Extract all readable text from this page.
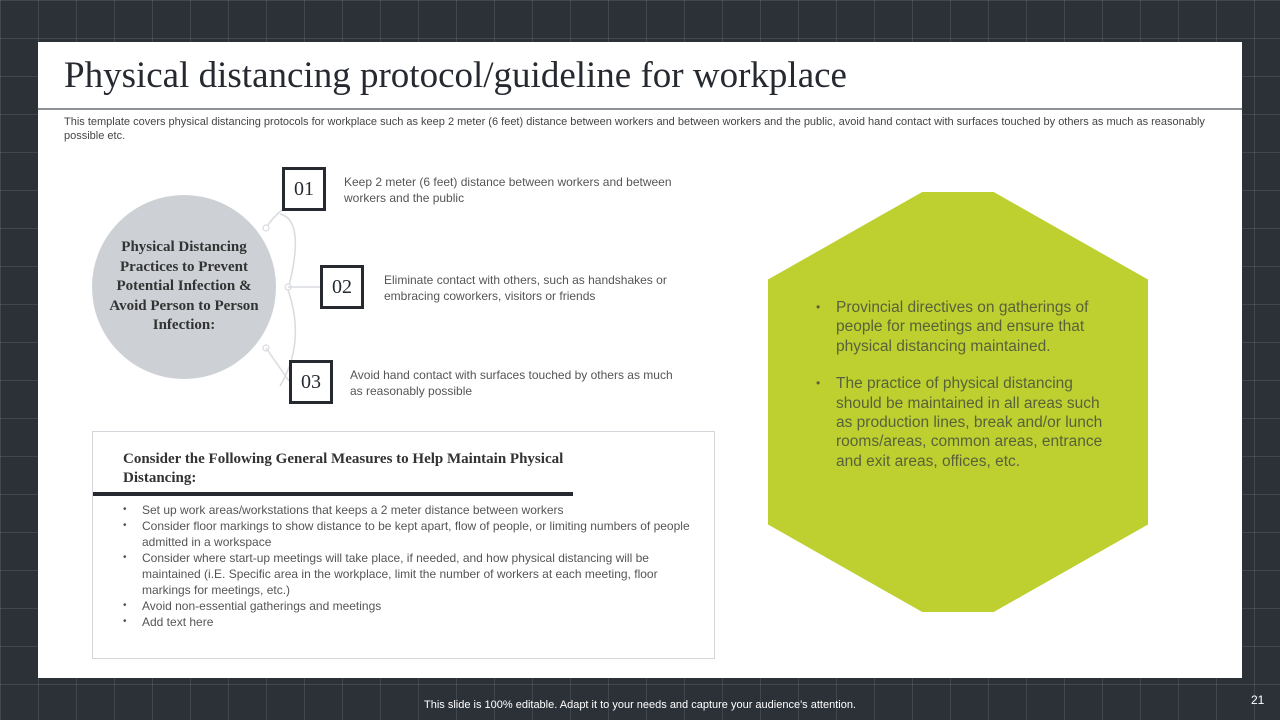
Physical distancing protocol/guideline for workplace
This template covers physical distancing protocols for workplace such as keep 2 meter (6 feet) distance between workers and between workers and the public, avoid hand contact with surfaces touched by others as much as reasonably possible etc.
Physical Distancing Practices to Prevent Potential Infection & Avoid Person to Person Infection:
01	Keep 2 meter (6 feet) distance between workers and between workers and the public
02	Eliminate contact with others, such as handshakes or embracing coworkers, visitors or friends
03	Avoid hand contact with surfaces touched by others as much as reasonably possible
Consider the Following General Measures to Help Maintain Physical Distancing:
• Set up work areas/workstations that keeps a 2 meter distance between workers
• Consider floor markings to show distance to be kept apart, flow of people, or limiting numbers of people admitted in a workspace
• Consider where start-up meetings will take place, if needed, and how physical distancing will be maintained (i.E. Specific area in the workplace, limit the number of workers at each meeting, floor markings for meetings, etc.)
• Avoid non-essential gatherings and meetings
• Add text here
• Provincial directives on gatherings of people for meetings and ensure that physical distancing maintained.
• The practice of physical distancing should be maintained in all areas such as production lines, break and/or lunch rooms/areas, common areas, entrance and exit areas, offices, etc.
This slide is 100% editable. Adapt it to your needs and capture your audience's attention.	21
